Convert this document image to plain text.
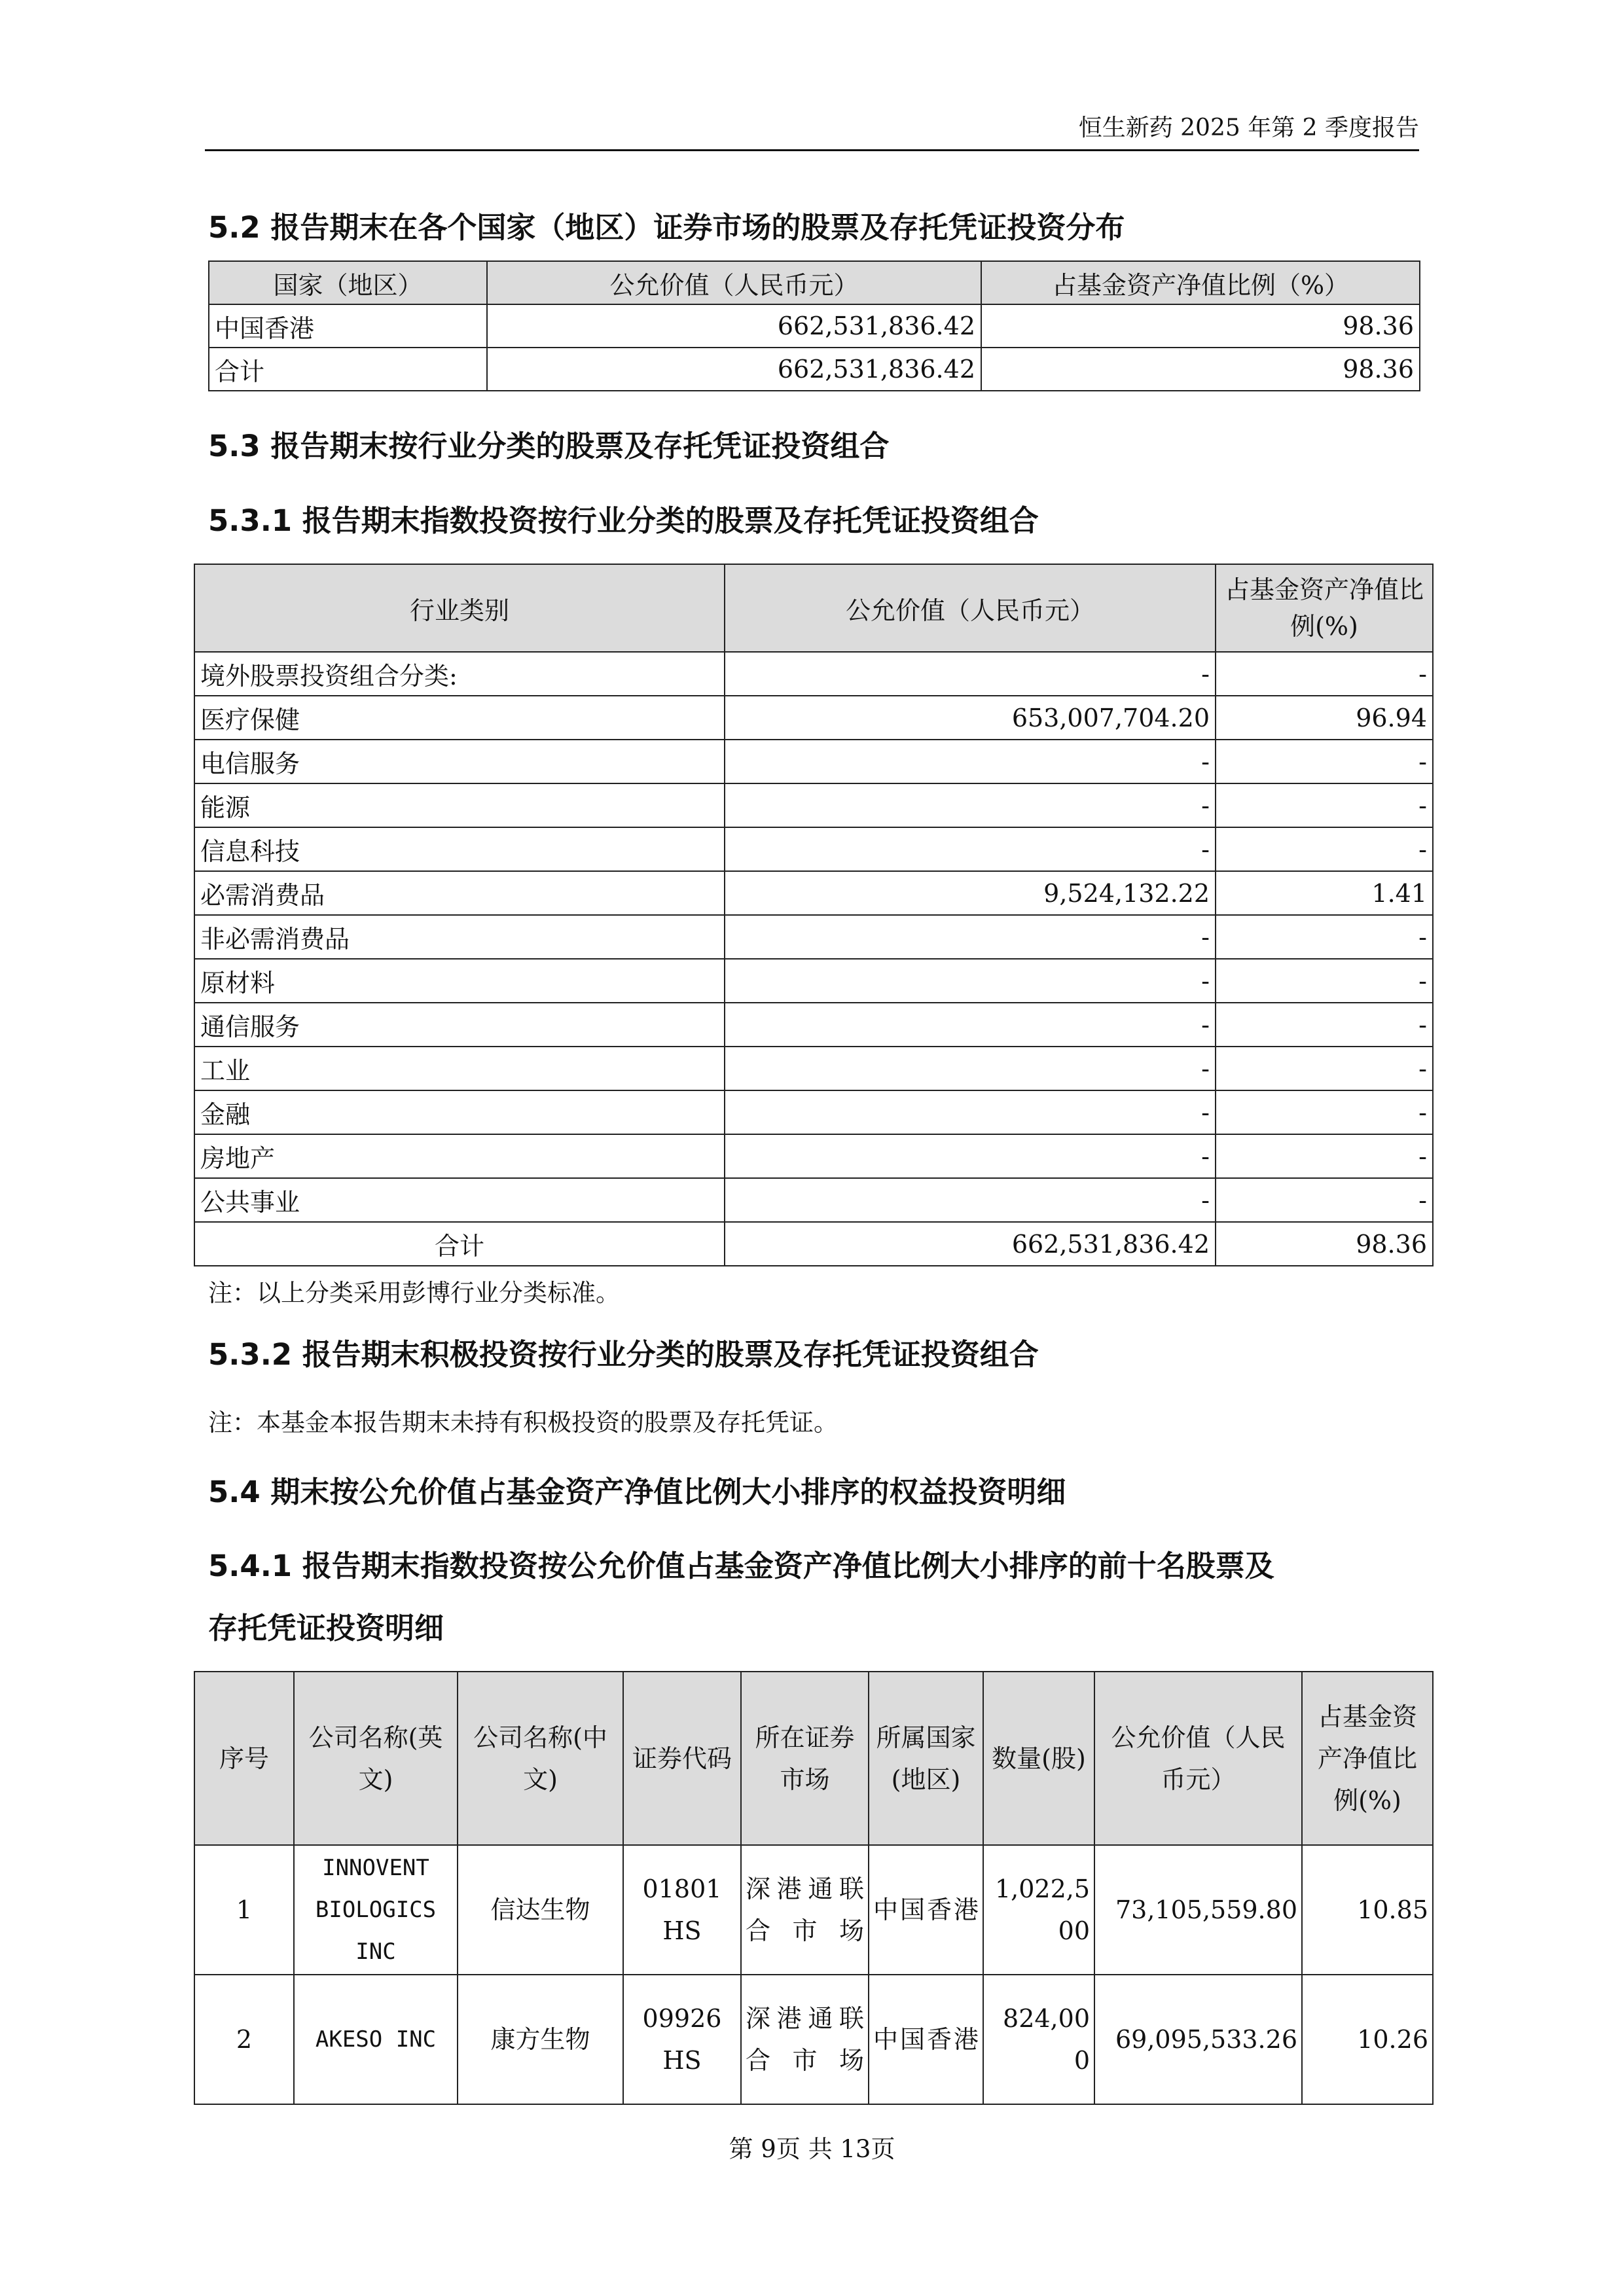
恒生新药 2025 年第 2 季度报告
5.2 报告期末在各个国家（地区）证券市场的股票及存托凭证投资分布
国家（地区）	公允价值（人民币元）	占基金资产净值比例（%）
中国香港	662,531,836.42	98.36
合计	662,531,836.42	98.36
5.3 报告期末按行业分类的股票及存托凭证投资组合
5.3.1 报告期末指数投资按行业分类的股票及存托凭证投资组合
行业类别	公允价值（人民币元）	占基金资产净值比例(%)
境外股票投资组合分类:	-	-
医疗保健	653,007,704.20	96.94
电信服务	-	-
能源	-	-
信息科技	-	-
必需消费品	9,524,132.22	1.41
非必需消费品	-	-
原材料	-	-
通信服务	-	-
工业	-	-
金融	-	-
房地产	-	-
公共事业	-	-
合计	662,531,836.42	98.36
注：以上分类采用彭博行业分类标准。
5.3.2 报告期末积极投资按行业分类的股票及存托凭证投资组合
注：本基金本报告期末未持有积极投资的股票及存托凭证。
5.4 期末按公允价值占基金资产净值比例大小排序的权益投资明细
5.4.1 报告期末指数投资按公允价值占基金资产净值比例大小排序的前十名股票及
存托凭证投资明细
序号	公司名称(英文)	公司名称(中文)	证券代码	所在证券市场	所属国家(地区)	数量(股)	公允价值（人民币元）	占基金资产净值比例(%)
1	INNOVENT BIOLOGICS INC	信达生物	01801 HS	深港通联合市场	中国香港	1,022,500	73,105,559.80	10.85
2	AKESO INC	康方生物	09926 HS	深港通联合市场	中国香港	824,000	69,095,533.26	10.26
第 9页 共 13页
